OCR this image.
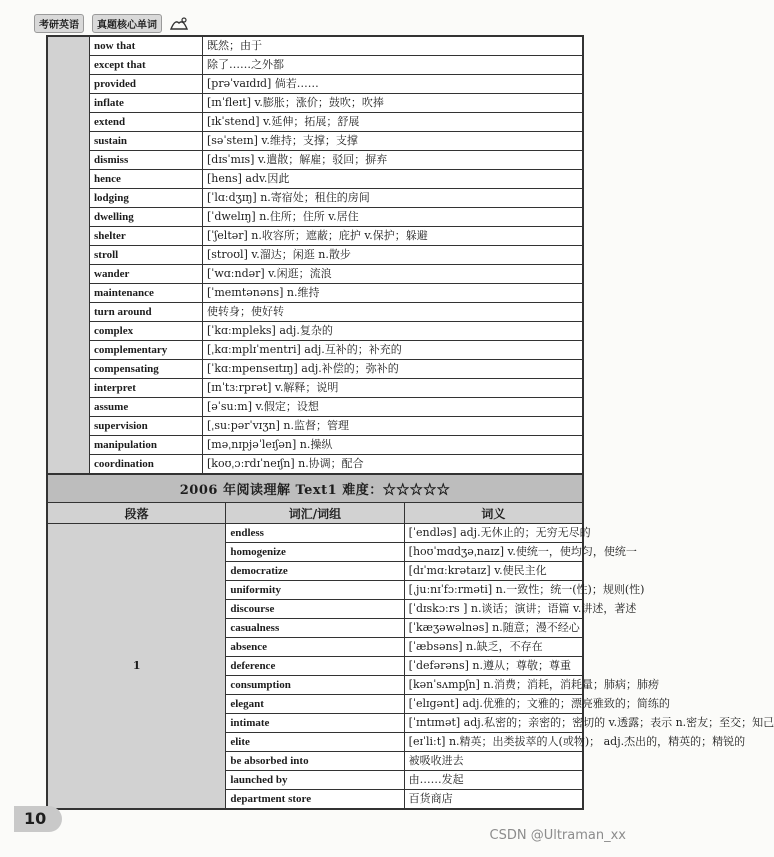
考研英语	真题核心单词
	now that	既然；由于
	except that	除了……之外都
	provided	[prəˈvaɪdɪd] 倘若……
	inflate	[ɪnˈfleɪt] v.膨胀；涨价；鼓吹；吹捧
	extend	[ɪkˈstend] v.延伸；拓展；舒展
	sustain	[səˈsteɪn] v.维持；支撑；支撑
	dismiss	[dɪsˈmɪs] v.遣散；解雇；驳回；摒弃
	hence	[hens] adv.因此
	lodging	[ˈlɑːdʒɪŋ] n.寄宿处；租住的房间
	dwelling	[ˈdwelɪŋ] n.住所；住所 v.居住
	shelter	[ˈʃeltər] n.收容所；遮蔽；庇护 v.保护；躲避
	stroll	[stroʊl] v.溜达；闲逛 n.散步
	wander	[ˈwɑːndər] v.闲逛；流浪
	maintenance	[ˈmeɪntənəns] n.维持
	turn around	使转身；使好转
	complex	[ˈkɑːmpleks] adj.复杂的
	complementary	[ˌkɑːmplɪˈmentri] adj.互补的；补充的
	compensating	[ˈkɑːmpenseɪtɪŋ] adj.补偿的；弥补的
	interpret	[ɪnˈtɜːrprət] v.解释；说明
	assume	[əˈsuːm] v.假定；设想
	supervision	[ˌsuːpərˈvɪʒn] n.监督；管理
	manipulation	[məˌnɪpjəˈleɪʃən] n.操纵
	coordination	[koʊˌɔːrdɪˈneɪʃn] n.协调；配合
2006 年阅读理解 Text1 难度：☆☆☆☆☆		
段落	词汇/词组	词义
1	endless	[ˈendləs] adj.无休止的；无穷无尽的
	homogenize	[hoʊˈmɑdʒəˌnaɪz] v.使统一，使均匀，使统一
	democratize	[dɪˈmɑːkrətaɪz] v.使民主化
	uniformity	[ˌjuːnɪˈfɔːrməti] n.一致性；统一(性)；规则(性)
	discourse	[ˈdɪskɔːrs ] n.谈话；演讲；语篇 v.讲述，著述
	casualness	[ˈkæʒəwəlnəs] n.随意；漫不经心
	absence	[ˈæbsəns] n.缺乏，不存在
	deference	[ˈdefərəns] n.遵从；尊敬；尊重
	consumption	[kənˈsʌmpʃn] n.消费；消耗，消耗量；肺病；肺痨
	elegant	[ˈelɪgənt] adj.优雅的；文雅的；漂亮雅致的；简练的
	intimate	[ˈɪntɪmət] adj.私密的；亲密的；密切的 v.透露；表示 n.密友；至交；知己
	elite	[eɪˈliːt] n.精英；出类拔萃的人(或物)； adj.杰出的，精英的；精锐的
	be absorbed into	被吸收进去
	launched by	由……发起
	department store	百货商店
10
CSDN @Ultraman_xx
